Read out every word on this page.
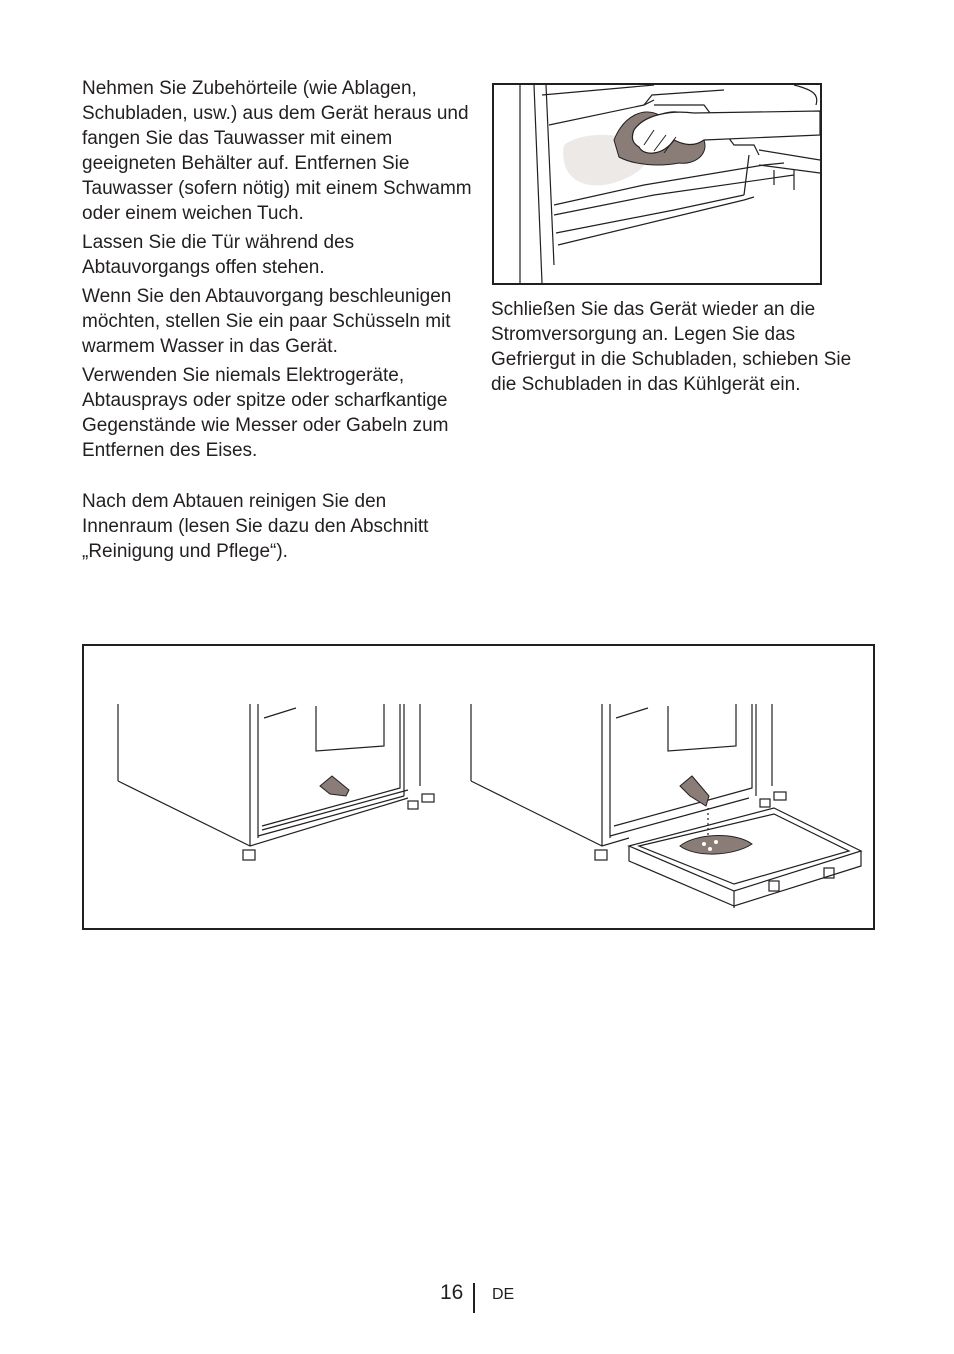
Nehmen Sie Zubehörteile (wie Ablagen, Schubladen, usw.) aus dem Gerät heraus und fangen Sie das Tauwasser mit einem geeigneten Behälter auf. Entfernen Sie Tauwasser (sofern nötig) mit einem Schwamm oder einem weichen Tuch.

Lassen Sie die Tür während des Abtauvorgangs offen stehen.

Wenn Sie den Abtauvorgang beschleunigen möchten, stellen Sie ein paar Schüsseln mit warmem Wasser in das Gerät.

Verwenden Sie niemals Elektrogeräte, Abtausprays oder spitze oder scharfkantige Gegenstände wie Messer oder Gabeln zum Entfernen des Eises.

Nach dem Abtauen reinigen Sie den Innenraum (lesen Sie dazu den Abschnitt „Reinigung und Pflege“).

Schließen Sie das Gerät wieder an die Stromversorgung an. Legen Sie das Gefriergut in die Schubladen, schieben Sie die Schubladen in das Kühlgerät ein.

16 DE
